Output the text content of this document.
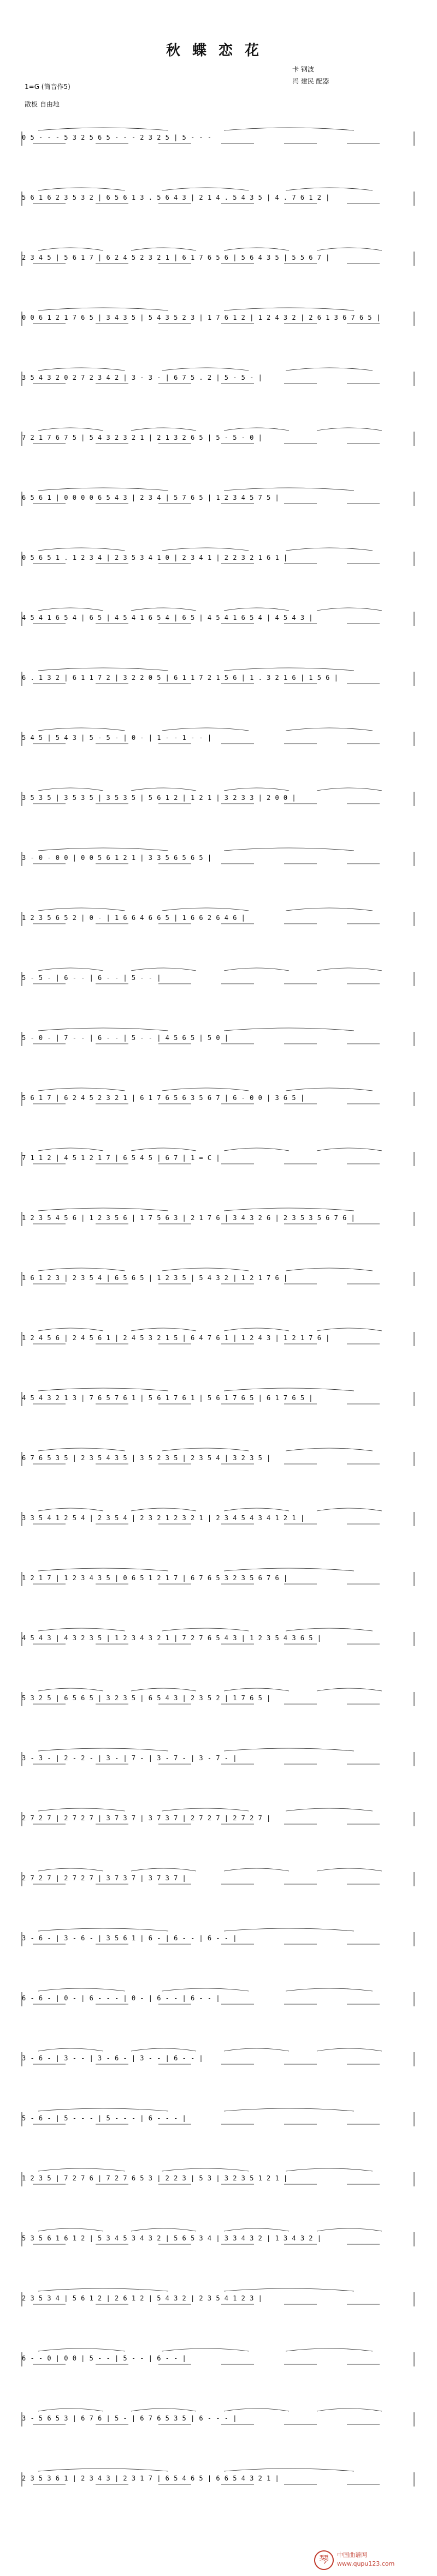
秋蝶恋花
卡 钢波
冯 建民 配器
1=G (筒音作5)
散板 自由地
0 5 - - - 5 3 2 5 6 5 - - - 2 3 2 5 | 5 - - -
5 6 1 6 2 3 5 3 2 | 6 5 6 1 3 . 5 6 4 3 | 2 1 4 . 5 4 3 5 | 4 . 7 6 1 2 |
2 3 4 5 | 5 6 1 7 | 6 2 4 5 2 3 2 1 | 6 1 7 6 5 6 | 5 6 4 3 5 | 5 5 6 7 |
0 0 6 1 2 1 7 6 5 | 3 4 3 5 | 5 4 3 5 2 3 | 1 7 6 1 2 | 1 2 4 3 2 | 2 6 1 3 6 7 6 5 |
3 5 4 3 2 0 2 7 2 3 4 2 | 3 - 3 - | 6 7 5 . 2 | 5 - 5 - |
7 2 1 7 6 7 5 | 5 4 3 2 3 2 1 | 2 1 3 2 6 5 | 5 - 5 - 0 |
6 5 6 1 | 0 0 0 0 6 5 4 3 | 2 3 4 | 5 7 6 5 | 1 2 3 4 5 7 5 |
0 5 6 5 1 . 1 2 3 4 | 2 3 5 3 4 1 0 | 2 3 4 1 | 2 2 3 2 1 6 1 |
4 5 4 1 6 5 4 | 6 5 | 4 5 4 1 6 5 4 | 6 5 | 4 5 4 1 6 5 4 | 4 5 4 3 |
6 . 1 3 2 | 6 1 1 7 2 | 3 2 2 0 5 | 6 1 1 7 2 1 5 6 | 1 . 3 2 1 6 | 1 5 6 |
5 4 5 | 5 4 3 | 5 - 5 - | 0 - | 1 - - 1 - - |
3 5 3 5 | 3 5 3 5 | 3 5 3 5 | 5 6 1 2 | 1 2 1 | 3 2 3 3 | 2 0 0 |
3 - 0 - 0 0 | 0 0 5 6 1 2 1 | 3 3 5 6 5 6 5 |
1 2 3 5 6 5 2 | 0 - | 1 6 6 4 6 6 5 | 1 6 6 2 6 4 6 |
5 - 5 - | 6 - - | 6 - - | 5 - - |
5 - 0 - | 7 - - | 6 - - | 5 - - | 4 5 6 5 | 5 0 |
5 6 1 7 | 6 2 4 5 2 3 2 1 | 6 1 7 6 5 6 3 5 6 7 | 6 - 0 0 | 3 6 5 |
7 1 1 2 | 4 5 1 2 1 7 | 6 5 4 5 | 6 7 | 1 = C |
1 2 3 5 4 5 6 | 1 2 3 5 6 | 1 7 5 6 3 | 2 1 7 6 | 3 4 3 2 6 | 2 3 5 3 5 6 7 6 |
1 6 1 2 3 | 2 3 5 4 | 6 5 6 5 | 1 2 3 5 | 5 4 3 2 | 1 2 1 7 6 |
1 2 4 5 6 | 2 4 5 6 1 | 2 4 5 3 2 1 5 | 6 4 7 6 1 | 1 2 4 3 | 1 2 1 7 6 |
4 5 4 3 2 1 3 | 7 6 5 7 6 1 | 5 6 1 7 6 1 | 5 6 1 7 6 5 | 6 1 7 6 5 |
6 7 6 5 3 5 | 2 3 5 4 3 5 | 3 5 2 3 5 | 2 3 5 4 | 3 2 3 5 |
3 3 5 4 1 2 5 4 | 2 3 5 4 | 2 3 2 1 2 3 2 1 | 2 3 4 5 4 3 4 1 2 1 |
1 2 1 7 | 1 2 3 4 3 5 | 0 6 5 1 2 1 7 | 6 7 6 5 3 2 3 5 6 7 6 |
4 5 4 3 | 4 3 2 3 5 | 1 2 3 4 3 2 1 | 7 2 7 6 5 4 3 | 1 2 3 5 4 3 6 5 |
5 3 2 5 | 6 5 6 5 | 3 2 3 5 | 6 5 4 3 | 2 3 5 2 | 1 7 6 5 |
3 - 3 - | 2 - 2 - | 3 - | 7 - | 3 - 7 - | 3 - 7 - |
2 7 2 7 | 2 7 2 7 | 3 7 3 7 | 3 7 3 7 | 2 7 2 7 | 2 7 2 7 |
2 7 2 7 | 2 7 2 7 | 3 7 3 7 | 3 7 3 7 |
3 - 6 - | 3 - 6 - | 3 5 6 1 | 6 - | 6 - - | 6 - - |
6 - 6 - | 0 - | 6 - - - | 0 - | 6 - - | 6 - - |
3 - 6 - | 3 - - | 3 - 6 - | 3 - - | 6 - - |
5 - 6 - | 5 - - - | 5 - - - | 6 - - - |
1 2 3 5 | 7 2 7 6 | 7 2 7 6 5 3 | 2 2 3 | 5 3 | 3 2 3 5 1 2 1 |
5 3 5 6 1 6 1 2 | 5 3 4 5 3 4 3 2 | 5 6 5 3 4 | 3 3 4 3 2 | 1 3 4 3 2 |
2 3 5 3 4 | 5 6 1 2 | 2 6 1 2 | 5 4 3 2 | 2 3 5 4 1 2 3 |
6 - - 0 | 0 0 | 5 - - | 5 - - | 6 - - |
3 - 5 6 5 3 | 6 7 6 | 5 - | 6 7 6 5 3 5 | 6 - - - |
2 3 5 3 6 1 | 2 3 4 3 | 2 3 1 7 | 6 5 4 6 5 | 6 6 5 4 3 2 1 |
琴	中国曲谱网
www.qupu123.com
